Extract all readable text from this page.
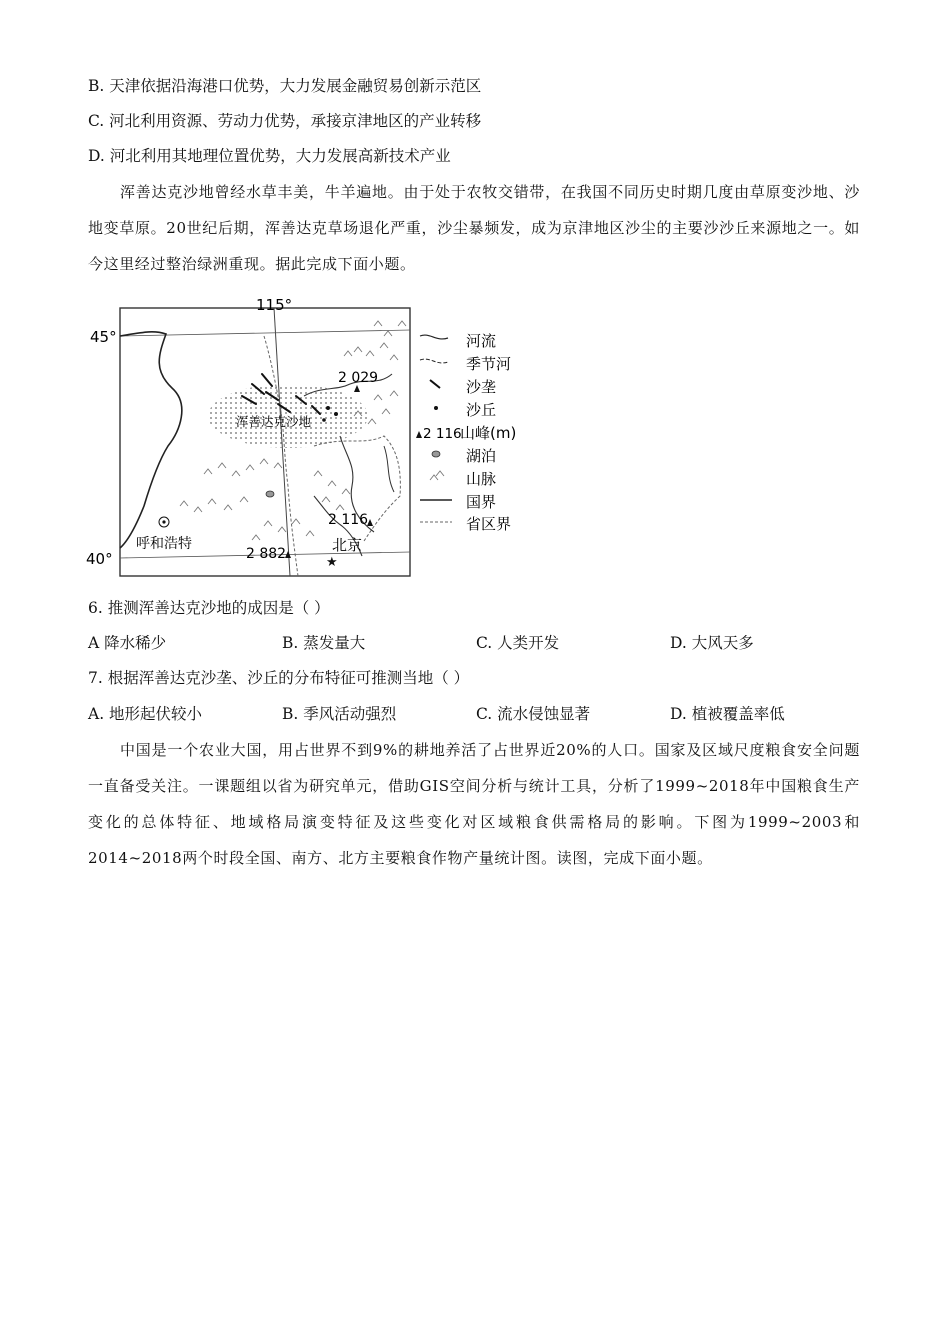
B. 天津依据沿海港口优势，大力发展金融贸易创新示范区
C. 河北利用资源、劳动力优势，承接京津地区的产业转移
D. 河北利用其地理位置优势，大力发展高新技术产业
浑善达克沙地曾经水草丰美，牛羊遍地。由于处于农牧交错带，在我国不同历史时期几度由草原变沙地、沙地变草原。20世纪后期，浑善达克草场退化严重，沙尘暴频发，成为京津地区沙尘的主要沙沙丘来源地之一。如今这里经过整治绿洲重现。据此完成下面小题。
115°
45°
40°
浑善达克沙地
2 029
2 116
2 882
呼和浩特	北京
★
河流
季节河
沙垄
沙丘
2 116
山峰(m)
湖泊
山脉
国界
省区界
6. 推测浑善达克沙地的成因是（ ）
A 降水稀少	B. 蒸发量大	C. 人类开发	D. 大风天多
7. 根据浑善达克沙垄、沙丘的分布特征可推测当地（ ）
A. 地形起伏较小	B. 季风活动强烈	C. 流水侵蚀显著	D. 植被覆盖率低
中国是一个农业大国，用占世界不到9%的耕地养活了占世界近20%的人口。国家及区域尺度粮食安全问题一直备受关注。一课题组以省为研究单元，借助GIS空间分析与统计工具，分析了1999~2018年中国粮食生产变化的总体特征、地域格局演变特征及这些变化对区域粮食供需格局的影响。下图为1999~2003和2014~2018两个时段全国、南方、北方主要粮食作物产量统计图。读图，完成下面小题。
